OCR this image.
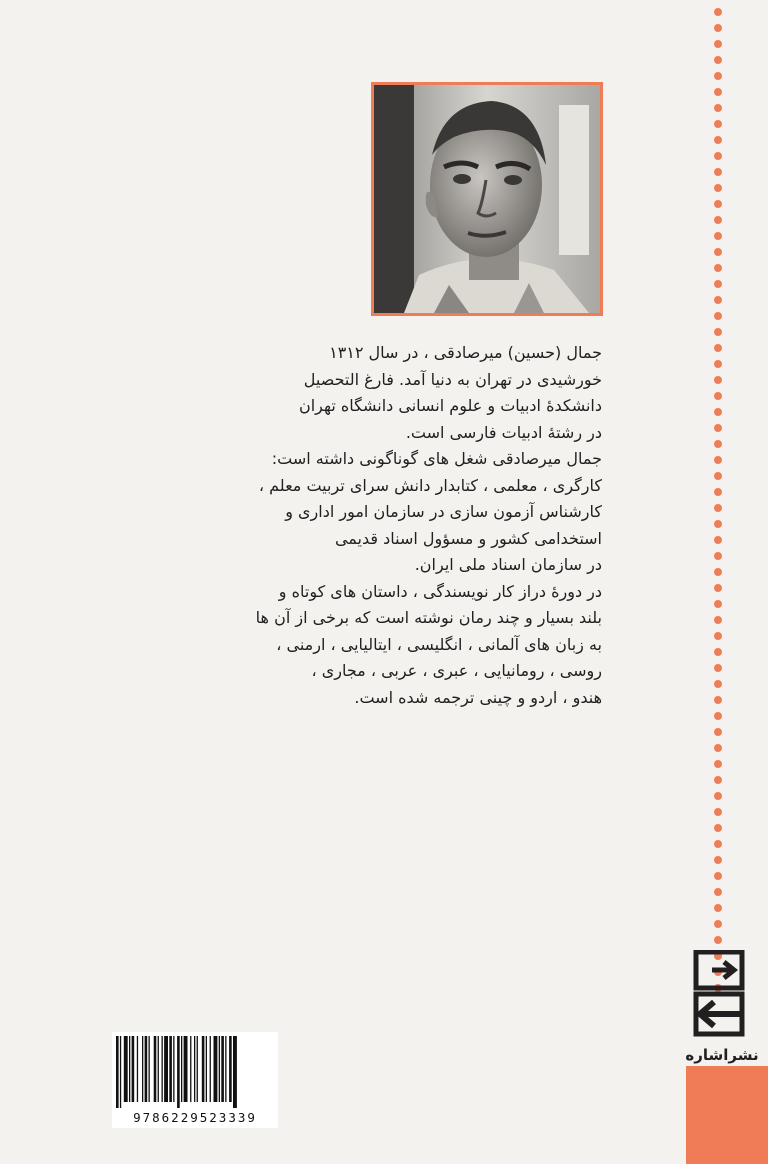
جمال (حسین) میرصادقی ، در سال ۱۳۱۲
خورشیدی در تهران به دنیا آمد. فارغ التحصیل
دانشکدهٔ ادبیات و علوم انسانی دانشگاه تهران
در رشتهٔ ادبیات فارسی است.
جمال میرصادقی شغل های گوناگونی داشته است:
کارگری ، معلمی ، کتابدار دانش سرای تربیت معلم ،
کارشناس آزمون سازی در سازمان امور اداری و
استخدامی کشور و مسؤول اسناد قدیمی
در سازمان اسناد ملی ایران.
در دورهٔ دراز کار نویسندگی ، داستان های کوتاه و
بلند بسیار و چند رمان نوشته است که برخی از آن ها
به زبان های آلمانی ، انگلیسی ، ایتالیایی ، ارمنی ،
روسی ، رومانیایی ، عبری ، عربی ، مجاری ،
هندو ، اردو و چینی ترجمه شده است.
نشراشاره
9786229523339
